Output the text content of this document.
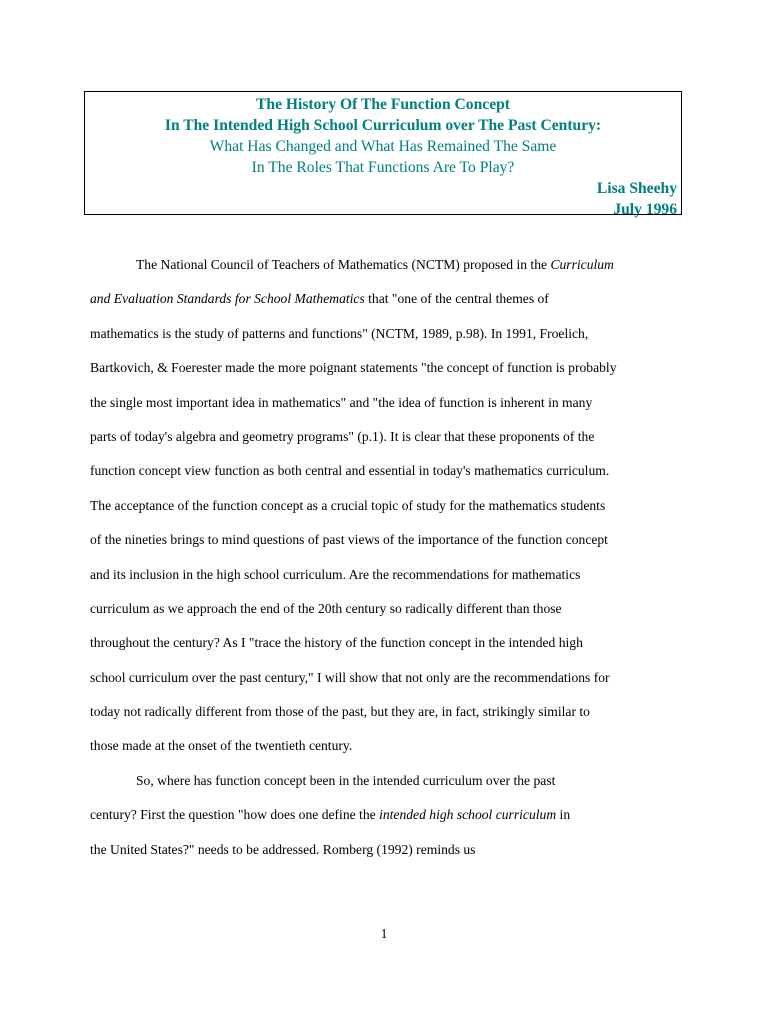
The History Of The Function Concept
In The Intended High School Curriculum over The Past Century:
What Has Changed and What Has Remained The Same
In The Roles That Functions Are To Play?
Lisa Sheehy
July 1996
The National Council of Teachers of Mathematics (NCTM) proposed in the Curriculum
and Evaluation Standards for School Mathematics that "one of the central themes of
mathematics is the study of patterns and functions" (NCTM, 1989, p.98). In 1991, Froelich,
Bartkovich, & Foerester made the more poignant statements "the concept of function is probably
the single most important idea in mathematics" and "the idea of function is inherent in many
parts of today's algebra and geometry programs" (p.1). It is clear that these proponents of the
function concept view function as both central and essential in today's mathematics curriculum.
The acceptance of the function concept as a crucial topic of study for the mathematics students
of the nineties brings to mind questions of past views of the importance of the function concept
and its inclusion in the high school curriculum. Are the recommendations for mathematics
curriculum as we approach the end of the 20th century so radically different than those
throughout the century? As I "trace the history of the function concept in the intended high
school curriculum over the past century," I will show that not only are the recommendations for
today not radically different from those of the past, but they are, in fact, strikingly similar to
those made at the onset of the twentieth century.
So, where has function concept been in the intended curriculum over the past
century? First the question "how does one define the intended high school curriculum in
the United States?" needs to be addressed. Romberg (1992) reminds us
1
